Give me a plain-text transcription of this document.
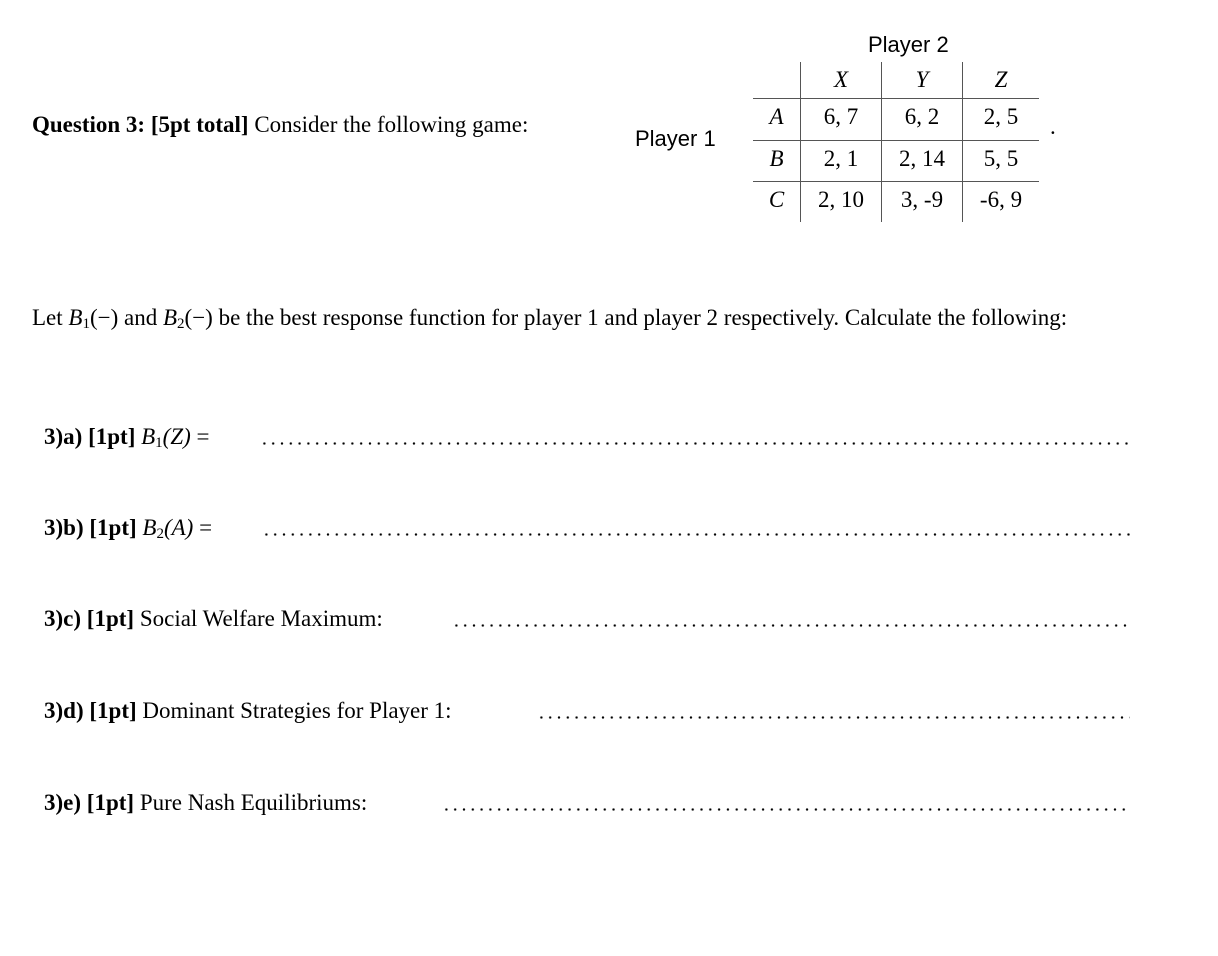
Question 3: [5pt total] Consider the following game:
Player 2
Player 1	.
X	Y	Z
A	6, 7	6, 2	2, 5
B	2, 1	2, 14	5, 5
C	2, 10	3, -9	-6, 9
Let $B_1(-)$ and $B_2(-)$ be the best response function for player 1 and player 2 respectively. Calculate the following:
3)a) [1pt] $B_1(Z)$ =
3)b) [1pt] $B_2(A)$ =
3)c) [1pt] Social Welfare Maximum:
3)d) [1pt] Dominant Strategies for Player 1:
3)e) [1pt] Pure Nash Equilibriums:
